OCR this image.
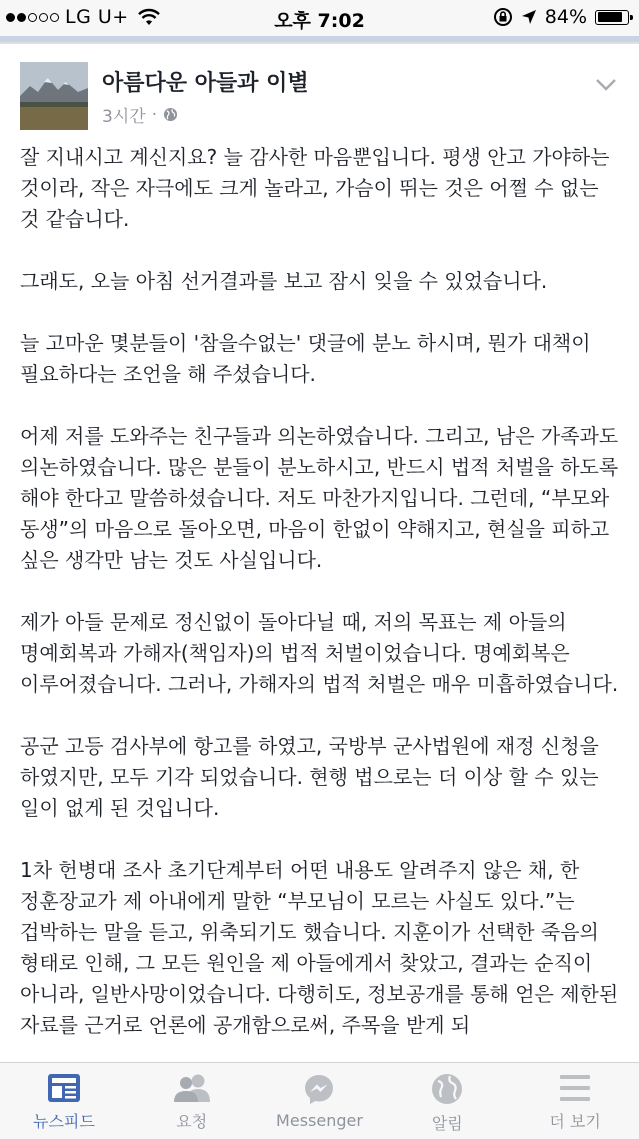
LG U+	오후 7:02	84%
아름다운 아들과 이별
3시간 ·

잘 지내시고 계신지요? 늘 감사한 마음뿐입니다. 평생 안고 가야하는 것이라, 작은 자극에도 크게 놀라고, 가슴이 뛰는 것은 어쩔 수 없는 것 같습니다.

그래도, 오늘 아침 선거결과를 보고 잠시 잊을 수 있었습니다.

늘 고마운 몇분들이 '참을수없는' 댓글에 분노 하시며, 뭔가 대책이 필요하다는 조언을 해 주셨습니다.

어제 저를 도와주는 친구들과 의논하였습니다. 그리고, 남은 가족과도 의논하였습니다. 많은 분들이 분노하시고, 반드시 법적 처벌을 하도록 해야 한다고 말씀하셨습니다. 저도 마찬가지입니다. 그런데, “부모와 동생”의 마음으로 돌아오면, 마음이 한없이 약해지고, 현실을 피하고 싶은 생각만 남는 것도 사실입니다.

제가 아들 문제로 정신없이 돌아다닐 때, 저의 목표는 제 아들의 명예회복과 가해자(책임자)의 법적 처벌이었습니다. 명예회복은 이루어졌습니다. 그러나, 가해자의 법적 처벌은 매우 미흡하였습니다.

공군 고등 검사부에 항고를 하였고, 국방부 군사법원에 재정 신청을 하였지만, 모두 기각 되었습니다. 현행 법으로는 더 이상 할 수 있는 일이 없게 된 것입니다.

1차 헌병대 조사 초기단계부터 어떤 내용도 알려주지 않은 채, 한 정훈장교가 제 아내에게 말한 “부모님이 모르는 사실도 있다.”는 겁박하는 말을 듣고, 위축되기도 했습니다. 지훈이가 선택한 죽음의 형태로 인해, 그 모든 원인을 제 아들에게서 찾았고, 결과는 순직이 아니라, 일반사망이었습니다. 다행히도, 정보공개를 통해 얻은 제한된 자료를 근거로 언론에 공개함으로써, 주목을 받게 되

뉴스피드	요청	Messenger	알림	더 보기
